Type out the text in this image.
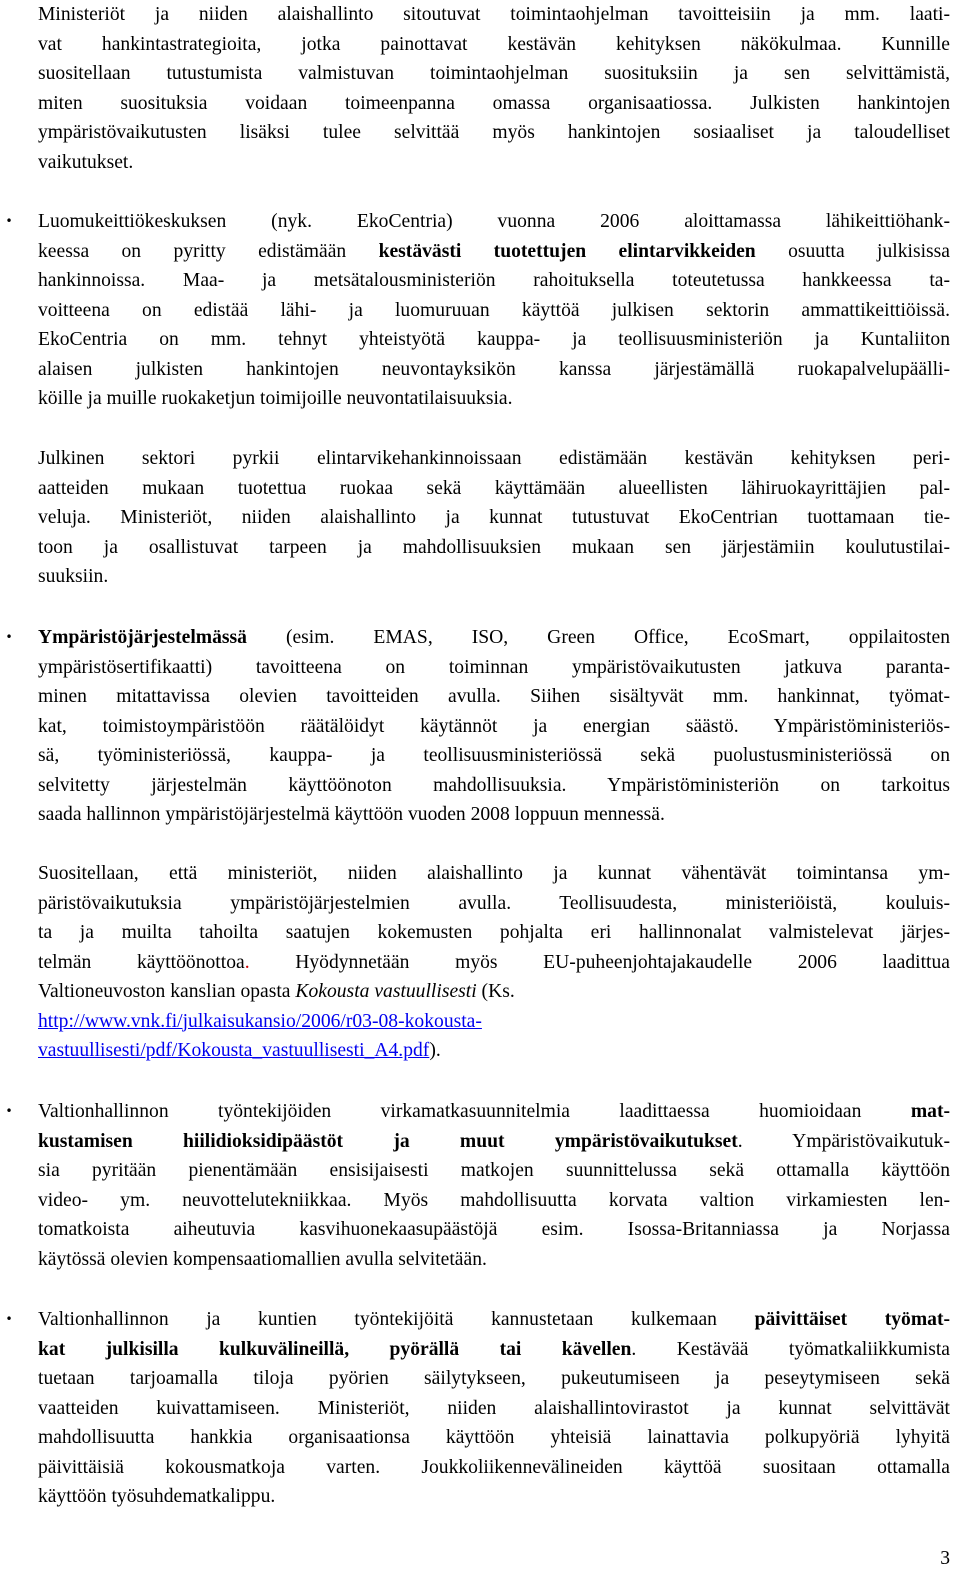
Ministeriöt ja niiden alaishallinto sitoutuvat toimintaohjelman tavoitteisiin ja mm. laati-
vat hankintastrategioita, jotka painottavat kestävän kehityksen näkökulmaa. Kunnille
suositellaan tutustumista valmistuvan toimintaohjelman suosituksiin ja sen selvittämistä,
miten suosituksia voidaan toimeenpanna omassa organisaatiossa. Julkisten hankintojen
ympäristövaikutusten lisäksi tulee selvittää myös hankintojen sosiaaliset ja taloudelliset
vaikutukset.
• Luomukeittiökeskuksen (nyk. EkoCentria) vuonna 2006 aloittamassa lähikeittiöhank-
keessa on pyritty edistämään kestävästi tuotettujen elintarvikkeiden osuutta julkisissa
hankinnoissa. Maa- ja metsätalousministeriön rahoituksella toteutetussa hankkeessa ta-
voitteena on edistää lähi- ja luomuruuan käyttöä julkisen sektorin ammattikeittiöissä.
EkoCentria on mm. tehnyt yhteistyötä kauppa- ja teollisuusministeriön ja Kuntaliiton
alaisen julkisten hankintojen neuvontayksikön kanssa järjestämällä ruokapalvelupäälli-
köille ja muille ruokaketjun toimijoille neuvontatilaisuuksia.
Julkinen sektori pyrkii elintarvikehankinnoissaan edistämään kestävän kehityksen peri-
aatteiden mukaan tuotettua ruokaa sekä käyttämään alueellisten lähiruokayrittäjien pal-
veluja. Ministeriöt, niiden alaishallinto ja kunnat tutustuvat EkoCentrian tuottamaan tie-
toon ja osallistuvat tarpeen ja mahdollisuuksien mukaan sen järjestämiin koulutustilai-
suuksiin.
• Ympäristöjärjestelmässä (esim. EMAS, ISO, Green Office, EcoSmart, oppilaitosten
ympäristösertifikaatti) tavoitteena on toiminnan ympäristövaikutusten jatkuva paranta-
minen mitattavissa olevien tavoitteiden avulla. Siihen sisältyvät mm. hankinnat, työmat-
kat, toimistoympäristöön räätälöidyt käytännöt ja energian säästö. Ympäristöministeriös-
sä, työministeriössä, kauppa- ja teollisuusministeriössä sekä puolustusministeriössä on
selvitetty järjestelmän käyttöönoton mahdollisuuksia. Ympäristöministeriön on tarkoitus
saada hallinnon ympäristöjärjestelmä käyttöön vuoden 2008 loppuun mennessä.
Suositellaan, että ministeriöt, niiden alaishallinto ja kunnat vähentävät toimintansa ym-
päristövaikutuksia ympäristöjärjestelmien avulla. Teollisuudesta, ministeriöistä, kouluis-
ta ja muilta tahoilta saatujen kokemusten pohjalta eri hallinnonalat valmistelevat järjes-
telmän käyttöönottoa. Hyödynnetään myös EU-puheenjohtajakaudelle 2006 laadittua
Valtioneuvoston kanslian opasta Kokousta vastuullisesti (Ks.
http://www.vnk.fi/julkaisukansio/2006/r03-08-kokousta-
vastuullisesti/pdf/Kokousta_vastuullisesti_A4.pdf).
• Valtionhallinnon työntekijöiden virkamatkasuunnitelmia laadittaessa huomioidaan mat-
kustamisen hiilidioksidipäästöt ja muut ympäristövaikutukset. Ympäristövaikutuk-
sia pyritään pienentämään ensisijaisesti matkojen suunnittelussa sekä ottamalla käyttöön
video- ym. neuvottelutekniikkaa. Myös mahdollisuutta korvata valtion virkamiesten len-
tomatkoista aiheutuvia kasvihuonekaasupäästöjä esim. Isossa-Britanniassa ja Norjassa
käytössä olevien kompensaatiomallien avulla selvitetään.
• Valtionhallinnon ja kuntien työntekijöitä kannustetaan kulkemaan päivittäiset työmat-
kat julkisilla kulkuvälineillä, pyörällä tai kävellen. Kestävää työmatkaliikkumista
tuetaan tarjoamalla tiloja pyörien säilytykseen, pukeutumiseen ja peseytymiseen sekä
vaatteiden kuivattamiseen. Ministeriöt, niiden alaishallintovirastot ja kunnat selvittävät
mahdollisuutta hankkia organisaationsa käyttöön yhteisiä lainattavia polkupyöriä lyhyitä
päivittäisiä kokousmatkoja varten. Joukkoliikennevälineiden käyttöä suositaan ottamalla
käyttöön työsuhdematkalippu.
3
